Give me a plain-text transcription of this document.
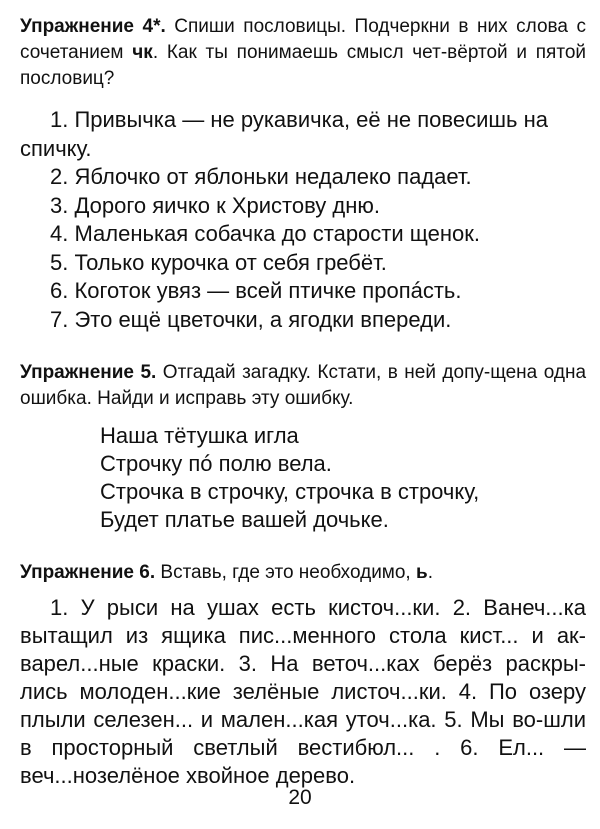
Упражнение 4*. Спиши пословицы. Подчеркни в них слова с сочетанием чк. Как ты понимаешь смысл чет-вёртой и пятой пословиц?

1. Привычка — не рукавичка, её не повесишь на спичку.
2. Яблочко от яблоньки недалеко падает.
3. Дорого яичко к Христову дню.
4. Маленькая собачка до старости щенок.
5. Только курочка от себя гребёт.
6. Коготок увяз — всей птичке пропáсть.
7. Это ещё цветочки, а ягодки впереди.

Упражнение 5. Отгадай загадку. Кстати, в ней допу-щена одна ошибка. Найди и исправь эту ошибку.

Наша тётушка игла
Строчку пó полю вела.
Строчка в строчку, строчка в строчку,
Будет платье вашей дочьке.

Упражнение 6. Вставь, где это необходимо, ь.

1. У рыси на ушах есть кисточ...ки. 2. Ванеч...ка вытащил из ящика пис...менного стола кист... и ак-варел...ные краски. 3. На веточ...ках берёз раскры-лись молоден...кие зелёные листоч...ки. 4. По озеру плыли селезен... и мален...кая уточ...ка. 5. Мы во-шли в просторный светлый вестибюл... . 6. Ел... — веч...нозелёное хвойное дерево.

20
